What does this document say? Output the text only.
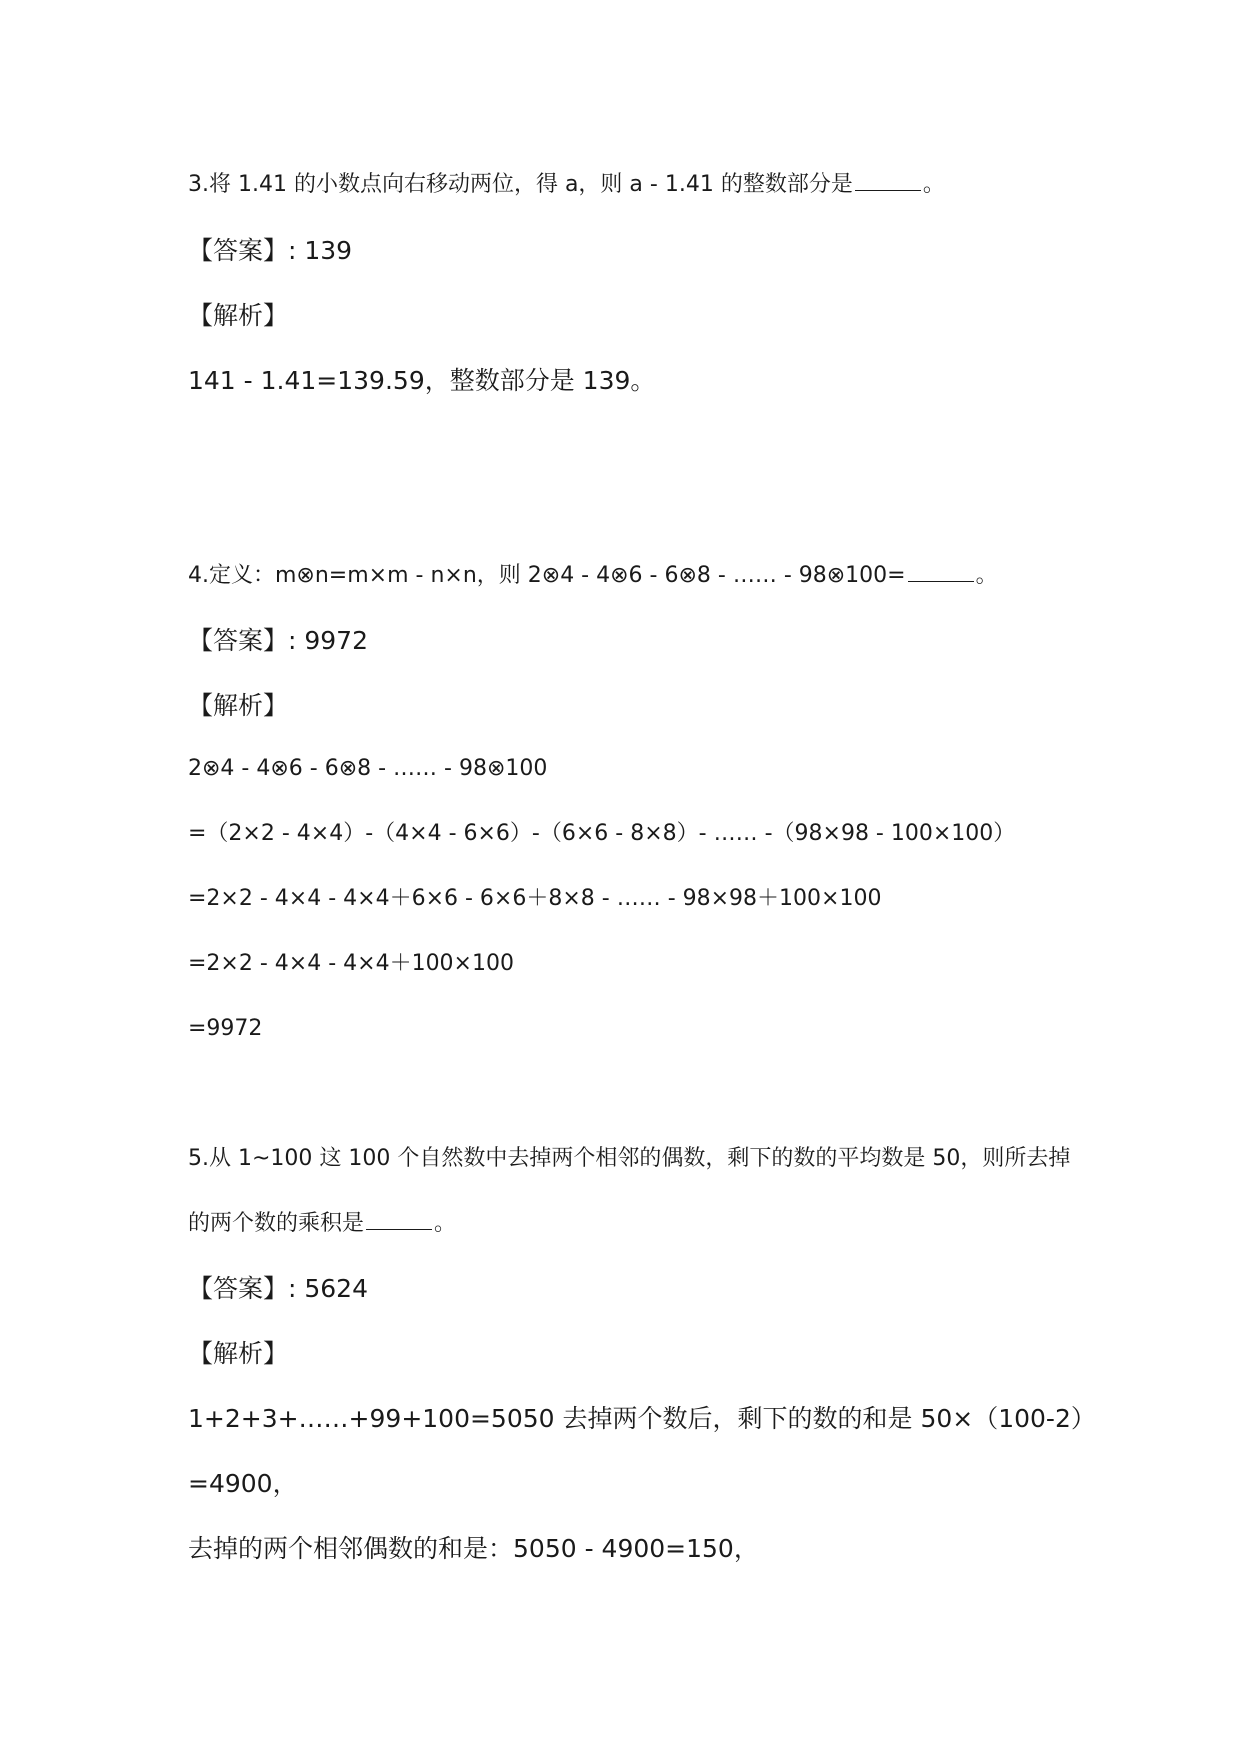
3.将 1.41 的小数点向右移动两位，得 a，则 a - 1.41 的整数部分是	。
【答案】: 139
【解析】
141 - 1.41=139.59，整数部分是 139。
4.定义：m⊗n=m×m - n×n，则 2⊗4 - 4⊗6 - 6⊗8 - …… - 98⊗100=	。
【答案】: 9972
【解析】
2⊗4 - 4⊗6 - 6⊗8 - …… - 98⊗100
=（2×2 - 4×4）-（4×4 - 6×6）-（6×6 - 8×8）- …… -（98×98 - 100×100）
=2×2 - 4×4 - 4×4＋6×6 - 6×6＋8×8 - …… - 98×98＋100×100
=2×2 - 4×4 - 4×4＋100×100
=9972
5.从 1~100 这 100 个自然数中去掉两个相邻的偶数，剩下的数的平均数是 50，则所去掉
的两个数的乘积是	。
【答案】: 5624
【解析】
1+2+3+……+99+100=5050 去掉两个数后，剩下的数的和是 50×（100-2）
=4900，
去掉的两个相邻偶数的和是：5050 - 4900=150，
